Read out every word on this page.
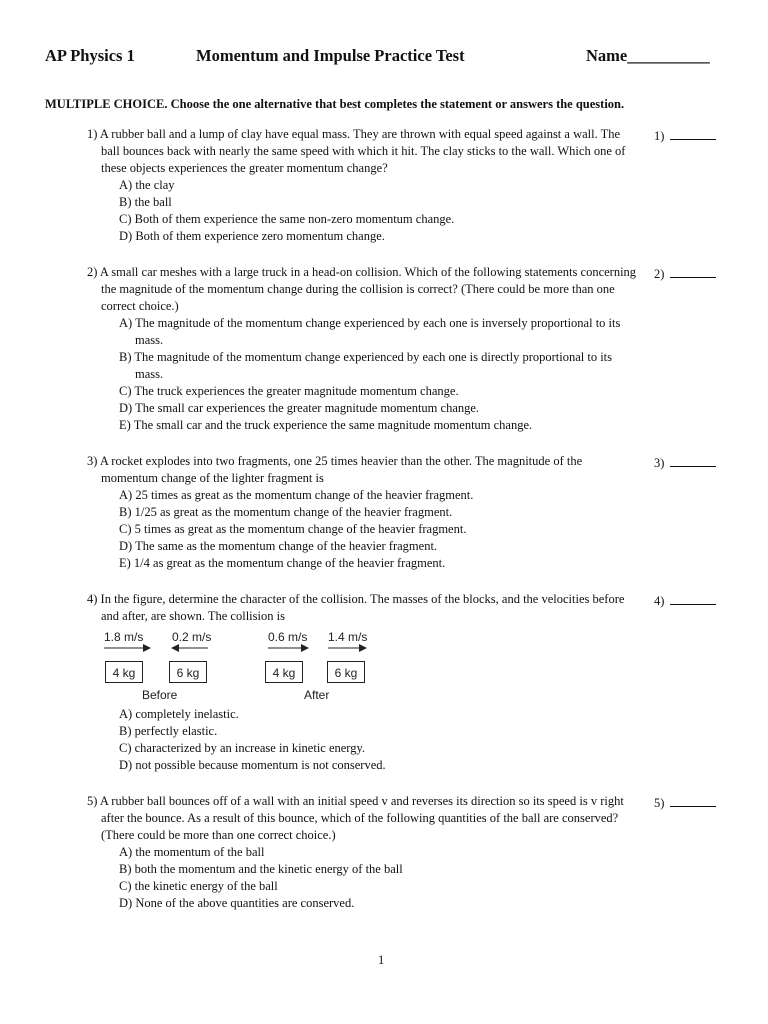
AP Physics 1	Momentum and Impulse Practice Test	Name__________
MULTIPLE CHOICE. Choose the one alternative that best completes the statement or answers the question.
1) A rubber ball and a lump of clay have equal mass. They are thrown with equal speed against a wall. The ball bounces back with nearly the same speed with which it hit. The clay sticks to the wall. Which one of these objects experiences the greater momentum change?
A) the clay
B) the ball
C) Both of them experience the same non-zero momentum change.
D) Both of them experience zero momentum change.
1)
2) A small car meshes with a large truck in a head-on collision. Which of the following statements concerning the magnitude of the momentum change during the collision is correct? (There could be more than one correct choice.)
A) The magnitude of the momentum change experienced by each one is inversely proportional to its mass.
B) The magnitude of the momentum change experienced by each one is directly proportional to its mass.
C) The truck experiences the greater magnitude momentum change.
D) The small car experiences the greater magnitude momentum change.
E) The small car and the truck experience the same magnitude momentum change.
2)
3) A rocket explodes into two fragments, one 25 times heavier than the other. The magnitude of the momentum change of the lighter fragment is
A) 25 times as great as the momentum change of the heavier fragment.
B) 1/25 as great as the momentum change of the heavier fragment.
C) 5 times as great as the momentum change of the heavier fragment.
D) The same as the momentum change of the heavier fragment.
E) 1/4 as great as the momentum change of the heavier fragment.
3)
4) In the figure, determine the character of the collision. The masses of the blocks, and the velocities before and after, are shown. The collision is
4)
1.8 m/s 0.2 m/s	0.6 m/s 1.4 m/s
4 kg	6 kg	4 kg	6 kg
Before	After
A) completely inelastic.
B) perfectly elastic.
C) characterized by an increase in kinetic energy.
D) not possible because momentum is not conserved.
5) A rubber ball bounces off of a wall with an initial speed v and reverses its direction so its speed is v right after the bounce. As a result of this bounce, which of the following quantities of the ball are conserved? (There could be more than one correct choice.)
A) the momentum of the ball
B) both the momentum and the kinetic energy of the ball
C) the kinetic energy of the ball
D) None of the above quantities are conserved.
5)
1
